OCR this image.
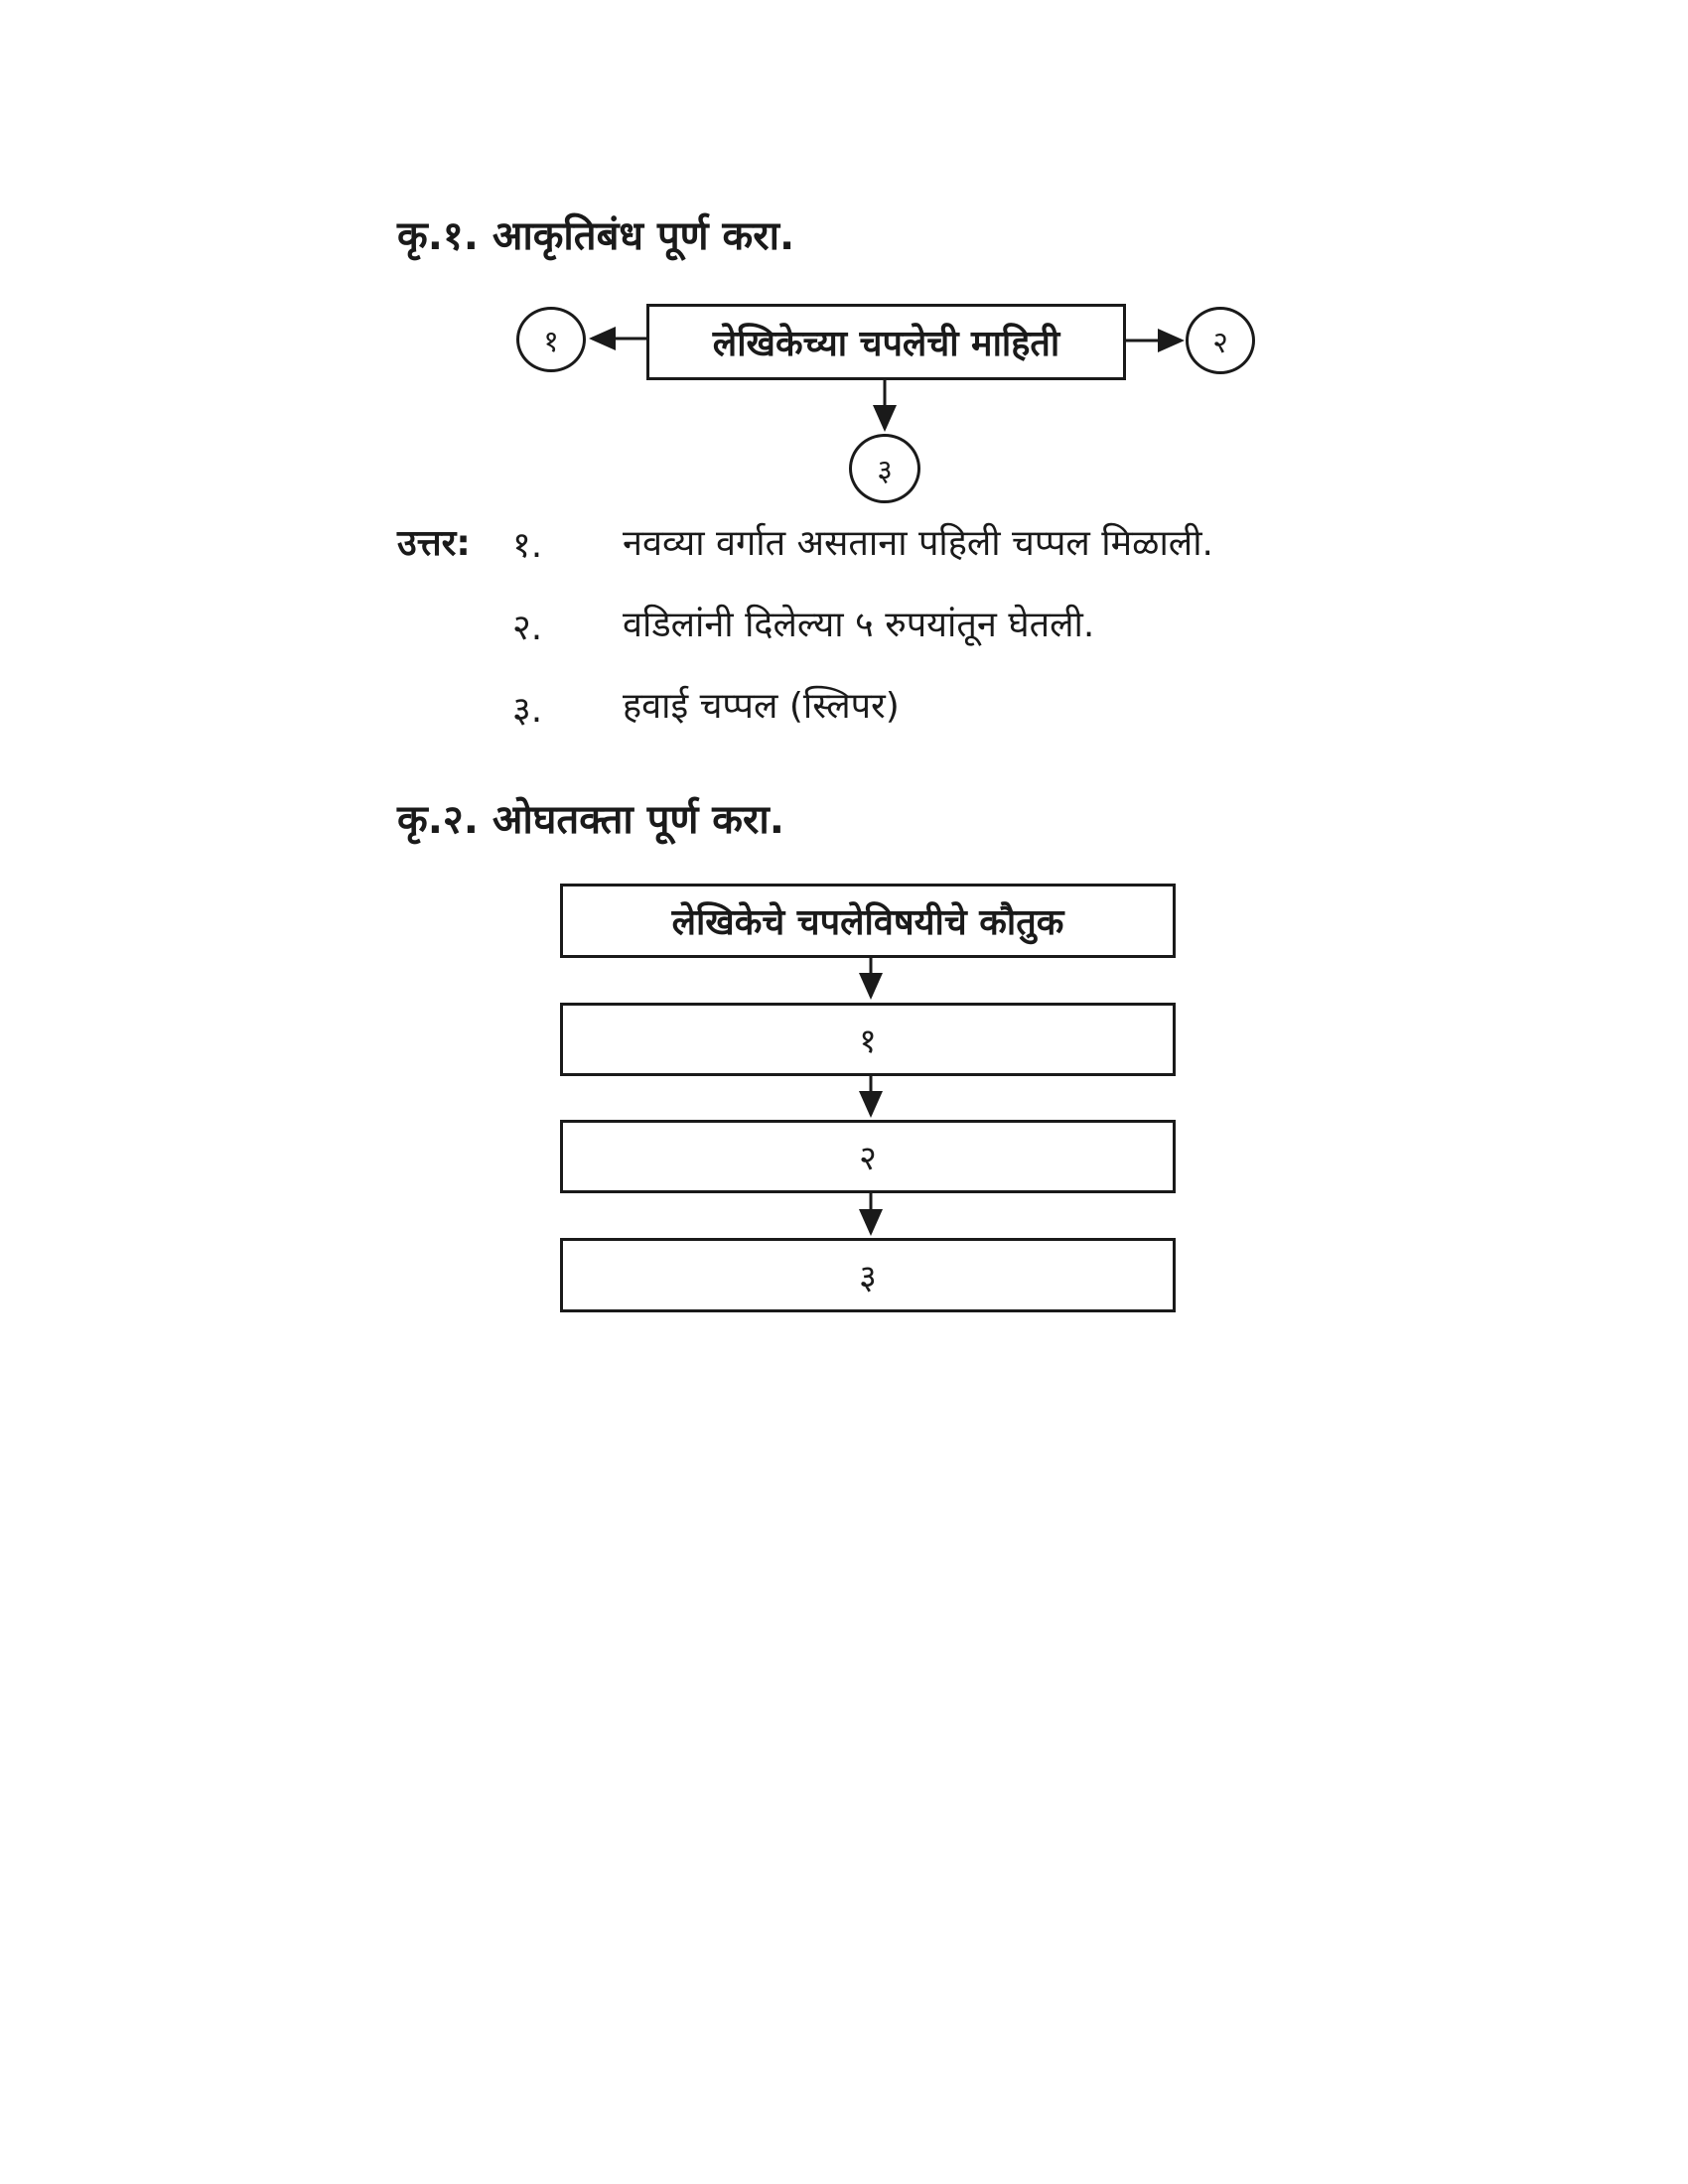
कृ.१. आकृतिबंध पूर्ण करा.
लेखिकेच्या चपलेची माहिती
१	२
३
उत्तर: १. नवव्या वर्गात असताना पहिली चप्पल मिळाली.
२. वडिलांनी दिलेल्या ५ रुपयांतून घेतली.
३. हवाई चप्पल (स्लिपर)
कृ.२. ओघतक्ता पूर्ण करा.
लेखिकेचे चपलेविषयीचे कौतुक
१
२
३
